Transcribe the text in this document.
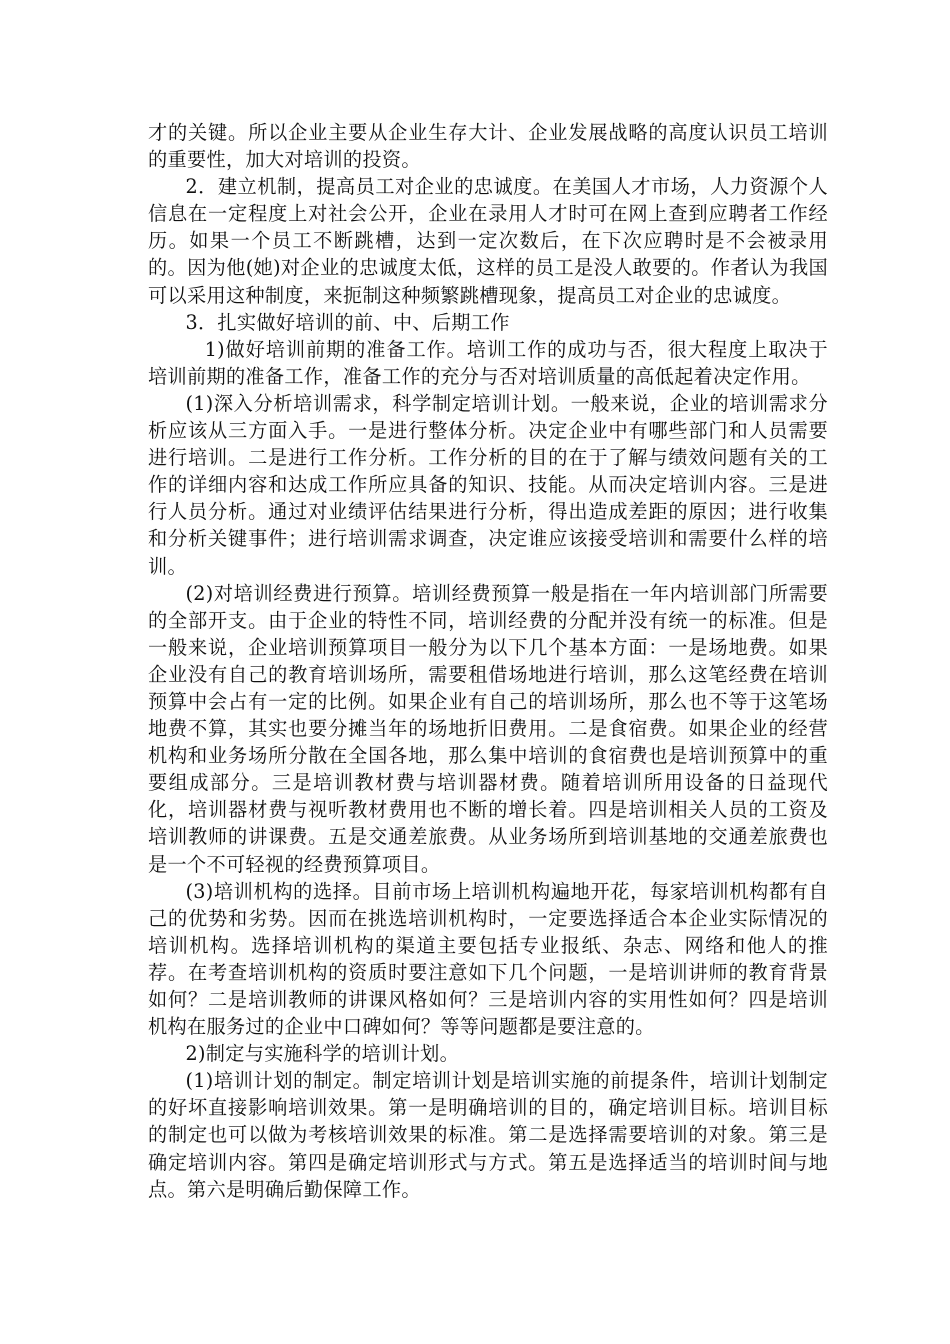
才的关键。所以企业主要从企业生存大计、企业发展战略的高度认识员工培训的重要性，加大对培训的投资。

2．建立机制，提高员工对企业的忠诚度。在美国人才市场，人力资源个人信息在一定程度上对社会公开，企业在录用人才时可在网上查到应聘者工作经历。如果一个员工不断跳槽，达到一定次数后，在下次应聘时是不会被录用的。因为他(她)对企业的忠诚度太低，这样的员工是没人敢要的。作者认为我国可以采用这种制度，来扼制这种频繁跳槽现象，提高员工对企业的忠诚度。

3．扎实做好培训的前、中、后期工作

1)做好培训前期的准备工作。培训工作的成功与否，很大程度上取决于培训前期的准备工作，准备工作的充分与否对培训质量的高低起着决定作用。

(1)深入分析培训需求，科学制定培训计划。一般来说，企业的培训需求分析应该从三方面入手。一是进行整体分析。决定企业中有哪些部门和人员需要进行培训。二是进行工作分析。工作分析的目的在于了解与绩效问题有关的工作的详细内容和达成工作所应具备的知识、技能。从而决定培训内容。三是进行人员分析。通过对业绩评估结果进行分析，得出造成差距的原因；进行收集和分析关键事件；进行培训需求调查，决定谁应该接受培训和需要什么样的培训。

(2)对培训经费进行预算。培训经费预算一般是指在一年内培训部门所需要的全部开支。由于企业的特性不同，培训经费的分配并没有统一的标准。但是一般来说，企业培训预算项目一般分为以下几个基本方面：一是场地费。如果企业没有自己的教育培训场所，需要租借场地进行培训，那么这笔经费在培训预算中会占有一定的比例。如果企业有自己的培训场所，那么也不等于这笔场地费不算，其实也要分摊当年的场地折旧费用。二是食宿费。如果企业的经营机构和业务场所分散在全国各地，那么集中培训的食宿费也是培训预算中的重要组成部分。三是培训教材费与培训器材费。随着培训所用设备的日益现代化，培训器材费与视听教材费用也不断的增长着。四是培训相关人员的工资及培训教师的讲课费。五是交通差旅费。从业务场所到培训基地的交通差旅费也是一个不可轻视的经费预算项目。

(3)培训机构的选择。目前市场上培训机构遍地开花，每家培训机构都有自己的优势和劣势。因而在挑选培训机构时，一定要选择适合本企业实际情况的培训机构。选择培训机构的渠道主要包括专业报纸、杂志、网络和他人的推荐。在考查培训机构的资质时要注意如下几个问题，一是培训讲师的教育背景如何？二是培训教师的讲课风格如何？三是培训内容的实用性如何？四是培训机构在服务过的企业中口碑如何？等等问题都是要注意的。

2)制定与实施科学的培训计划。

(1)培训计划的制定。制定培训计划是培训实施的前提条件，培训计划制定的好坏直接影响培训效果。第一是明确培训的目的，确定培训目标。培训目标的制定也可以做为考核培训效果的标准。第二是选择需要培训的对象。第三是确定培训内容。第四是确定培训形式与方式。第五是选择适当的培训时间与地点。第六是明确后勤保障工作。
